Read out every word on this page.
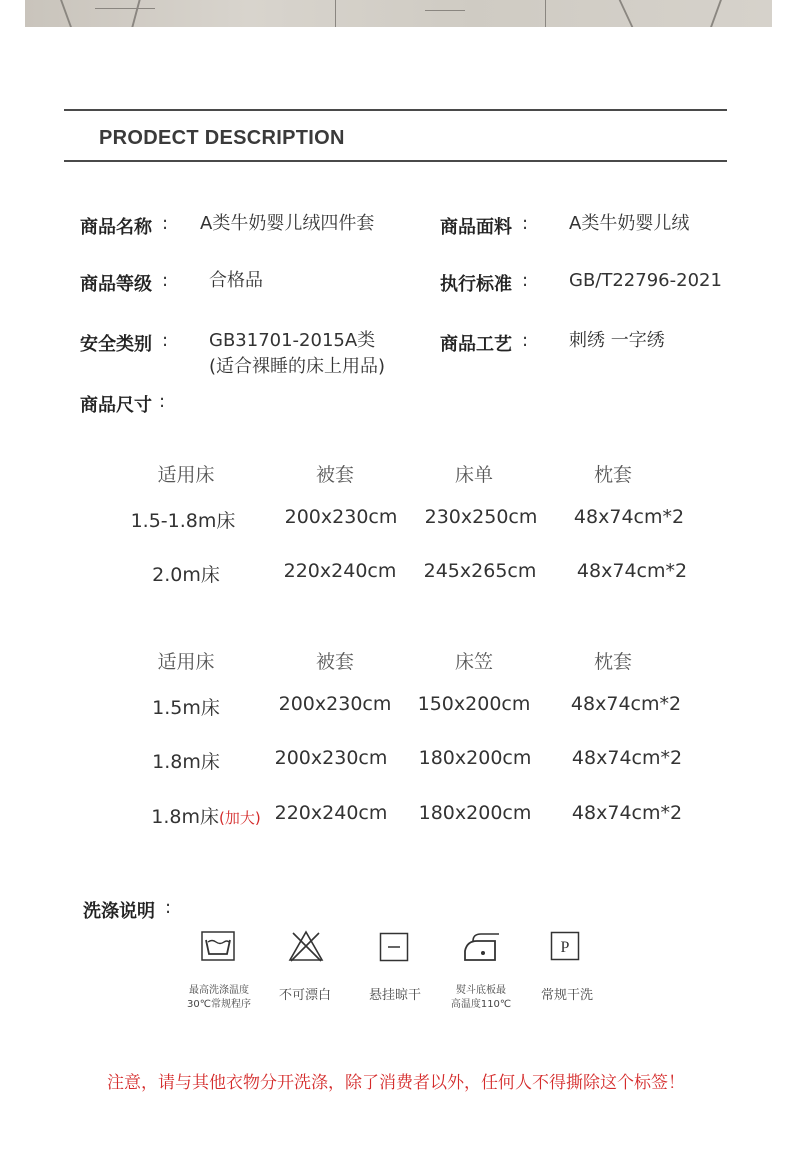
PRODECT DESCRIPTION
商品名称 : A类牛奶婴儿绒四件套	商品面料 : A类牛奶婴儿绒
商品等级 : 合格品	执行标准 : GB/T22796-2021
安全类别 : GB31701-2015A类
(适合裸睡的床上用品)
商品工艺 : 刺绣 一字绣
商品尺寸 :
适用床	被套	床单	枕套
1.5-1.8m床	200x230cm 230x250cm 48x74cm*2
2.0m床	220x240cm 245x265cm 48x74cm*2
适用床	被套	床笠	枕套
1.5m床	200x230cm 150x200cm 48x74cm*2
1.8m床	200x230cm 180x200cm 48x74cm*2
1.8m床(加大) 220x240cm 180x200cm 48x74cm*2
洗涤说明 :
P
最高洗涤温度
30℃常规程序
不可漂白	悬挂晾干	熨斗底板最
高温度110℃
常规干洗
注意，请与其他衣物分开洗涤，除了消费者以外，任何人不得撕除这个标签！
